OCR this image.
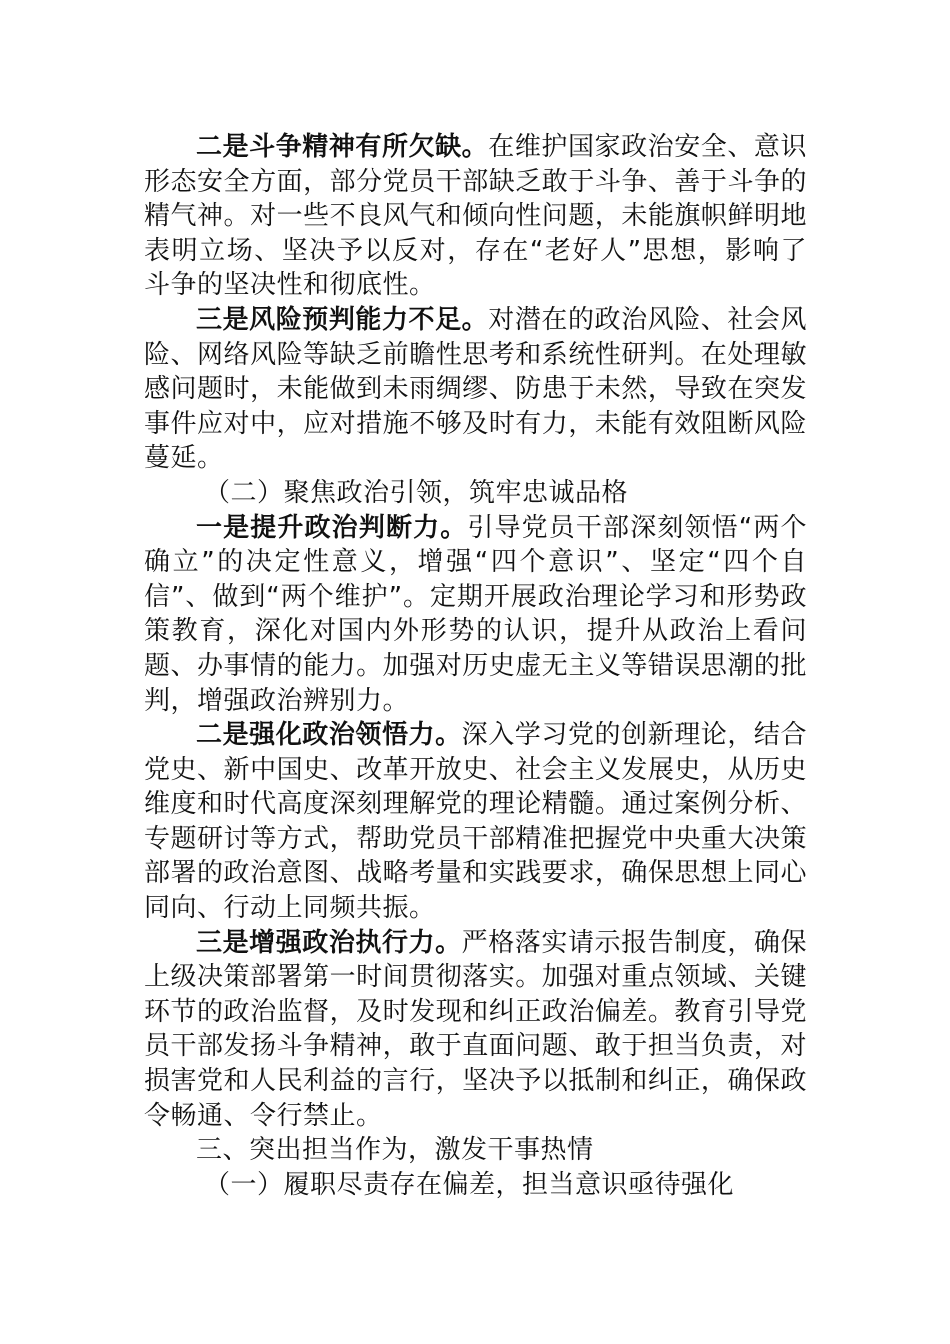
二是斗争精神有所欠缺。在维护国家政治安全、意识形态安全方面，部分党员干部缺乏敢于斗争、善于斗争的精气神。对一些不良风气和倾向性问题，未能旗帜鲜明地表明立场、坚决予以反对，存在“老好人”思想，影响了斗争的坚决性和彻底性。

三是风险预判能力不足。对潜在的政治风险、社会风险、网络风险等缺乏前瞻性思考和系统性研判。在处理敏感问题时，未能做到未雨绸缪、防患于未然，导致在突发事件应对中，应对措施不够及时有力，未能有效阻断风险蔓延。

（二）聚焦政治引领，筑牢忠诚品格

一是提升政治判断力。引导党员干部深刻领悟“两个确立”的决定性意义，增强“四个意识”、坚定“四个自信”、做到“两个维护”。定期开展政治理论学习和形势政策教育，深化对国内外形势的认识，提升从政治上看问题、办事情的能力。加强对历史虚无主义等错误思潮的批判，增强政治辨别力。

二是强化政治领悟力。深入学习党的创新理论，结合党史、新中国史、改革开放史、社会主义发展史，从历史维度和时代高度深刻理解党的理论精髓。通过案例分析、专题研讨等方式，帮助党员干部精准把握党中央重大决策部署的政治意图、战略考量和实践要求，确保思想上同心同向、行动上同频共振。

三是增强政治执行力。严格落实请示报告制度，确保上级决策部署第一时间贯彻落实。加强对重点领域、关键环节的政治监督，及时发现和纠正政治偏差。教育引导党员干部发扬斗争精神，敢于直面问题、敢于担当负责，对损害党和人民利益的言行，坚决予以抵制和纠正，确保政令畅通、令行禁止。

三、突出担当作为，激发干事热情

（一）履职尽责存在偏差，担当意识亟待强化
